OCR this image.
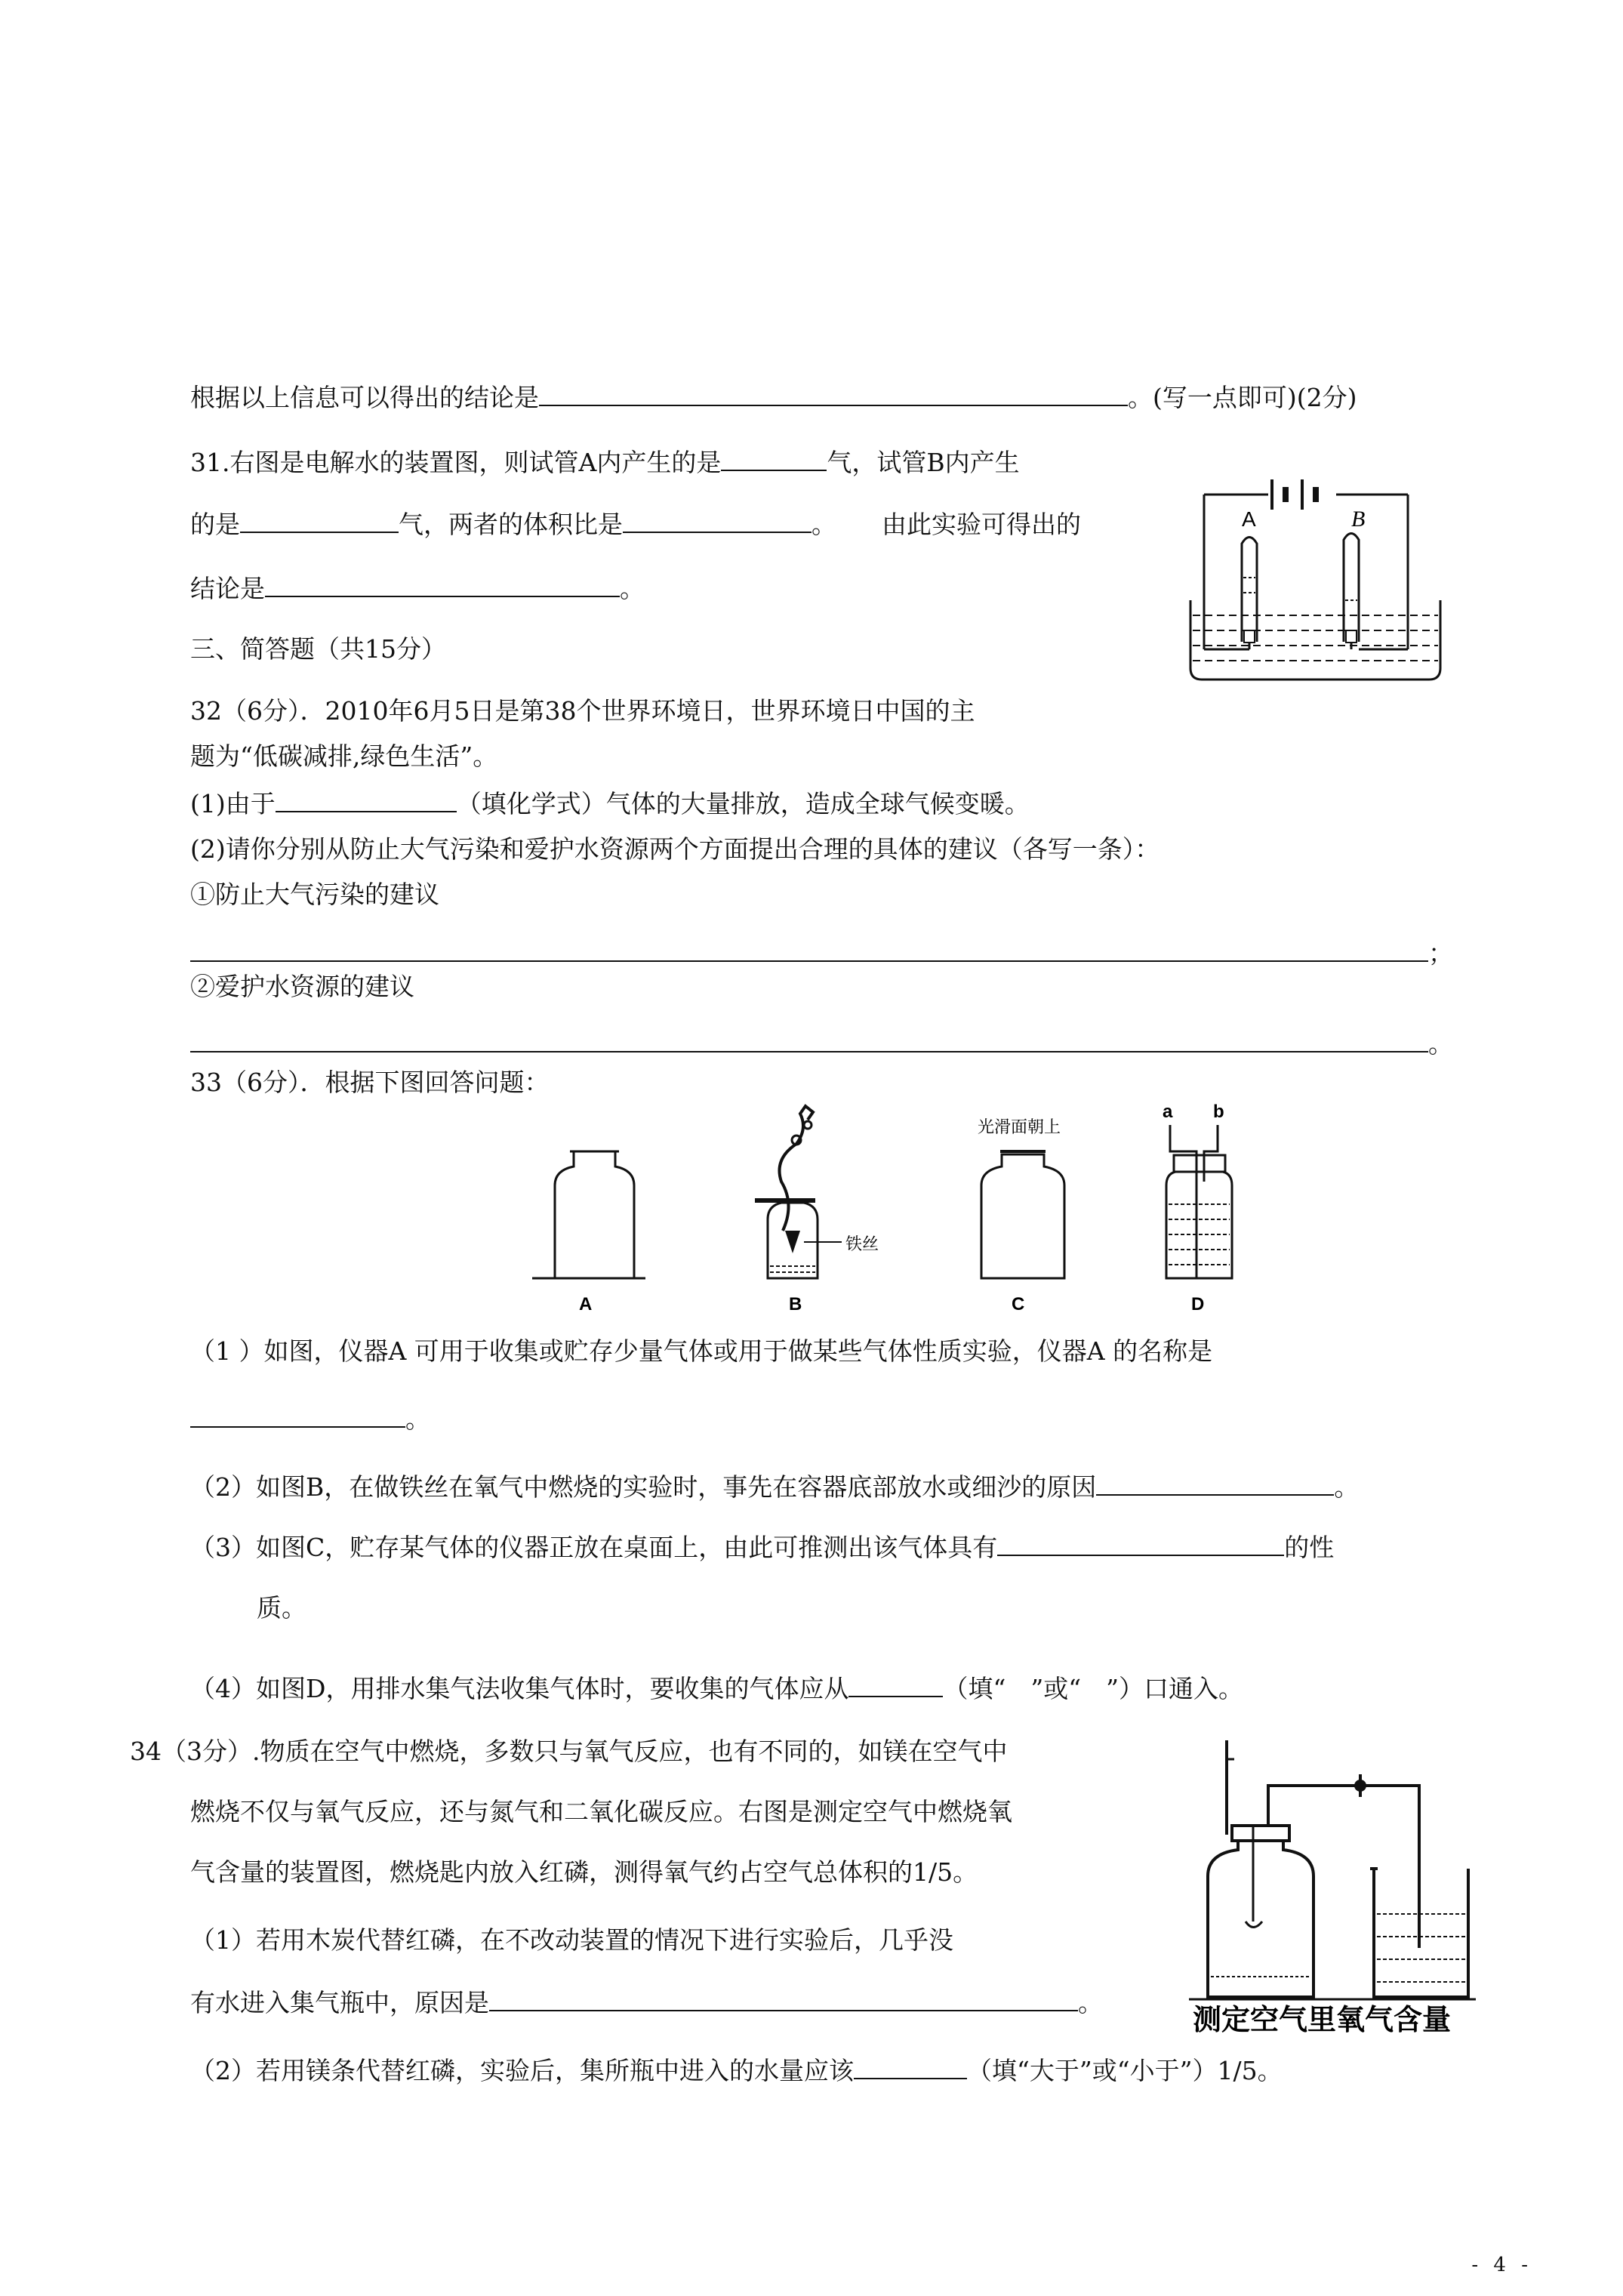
根据以上信息可以得出的结论是	。(写一点即可)(2分)
31.右图是电解水的装置图，则试管A内产生的是	气，试管B内产生
的是	气，两者的体积比是	。 由此实验可得出的
结论是	。
A	B
三、简答题（共15分）
32（6分）．2010年6月5日是第38个世界环境日，世界环境日中国的主
题为“低碳减排,绿色生活”。
(1)由于	（填化学式）气体的大量排放，造成全球气候变暖。
(2)请你分别从防止大气污染和爱护水资源两个方面提出合理的具体的建议（各写一条）：
①防止大气污染的建议
；
②爱护水资源的建议
。
33（6分）．根据下图回答问题：
A
铁丝
B
光滑面朝上
C
a b
D
（1 ）如图，仪器A 可用于收集或贮存少量气体或用于做某些气体性质实验，仪器A 的名称是
。
（2）如图B，在做铁丝在氧气中燃烧的实验时，事先在容器底部放水或细沙的原因	。
（3）如图C，贮存某气体的仪器正放在桌面上，由此可推测出该气体具有	的性
质。
（4）如图D，用排水集气法收集气体时，要收集的气体应从	（填“　”或“　”）口通入。
34（3分）.物质在空气中燃烧，多数只与氧气反应，也有不同的，如镁在空气中
燃烧不仅与氧气反应，还与氮气和二氧化碳反应。右图是测定空气中燃烧氧
气含量的装置图，燃烧匙内放入红磷，测得氧气约占空气总体积的1/5。
（1）若用木炭代替红磷，在不改动装置的情况下进行实验后，几乎没
有水进入集气瓶中，原因是	。
（2）若用镁条代替红磷，实验后，集所瓶中进入的水量应该	（填“大于”或“小于”）1/5。
测定空气里氧气含量
- 4 -
